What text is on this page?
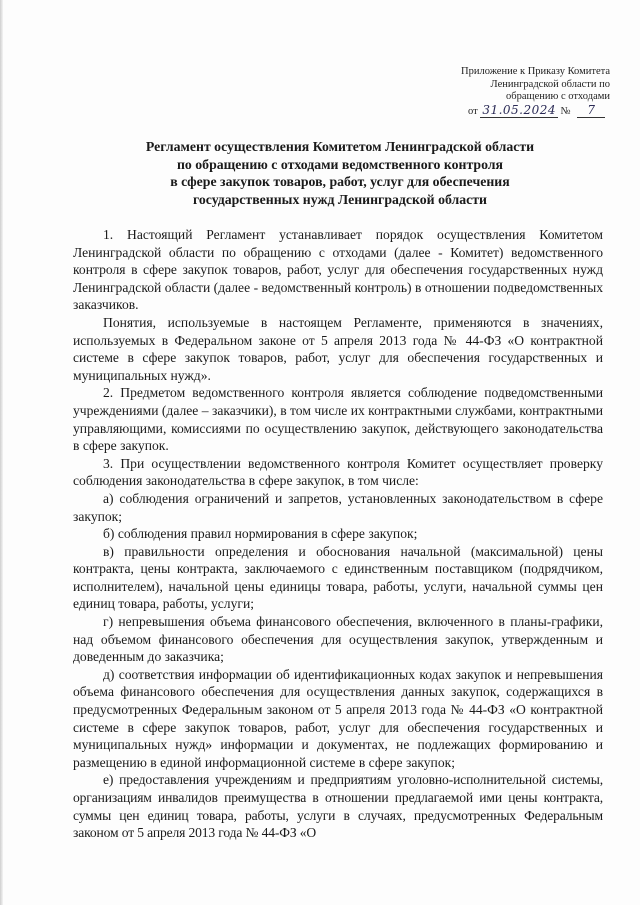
Приложение к Приказу Комитета
Ленинградской области по
обращению с отходами
от 31.05.2024 № 7
Регламент осуществления Комитетом Ленинградской области
по обращению с отходами ведомственного контроля
в сфере закупок товаров, работ, услуг для обеспечения
государственных нужд Ленинградской области

1. Настоящий Регламент устанавливает порядок осуществления Комитетом Ленинградской области по обращению с отходами (далее - Комитет) ведомственного контроля в сфере закупок товаров, работ, услуг для обеспечения государственных нужд Ленинградской области (далее - ведомственный контроль) в отношении подведомственных заказчиков.

Понятия, используемые в настоящем Регламенте, применяются в значениях, используемых в Федеральном законе от 5 апреля 2013 года № 44-ФЗ «О контрактной системе в сфере закупок товаров, работ, услуг для обеспечения государственных и муниципальных нужд».

2. Предметом ведомственного контроля является соблюдение подведомственными учреждениями (далее – заказчики), в том числе их контрактными службами, контрактными управляющими, комиссиями по осуществлению закупок, действующего законодательства в сфере закупок.

3. При осуществлении ведомственного контроля Комитет осуществляет проверку соблюдения законодательства в сфере закупок, в том числе:

а) соблюдения ограничений и запретов, установленных законодательством в сфере закупок;

б) соблюдения правил нормирования в сфере закупок;

в) правильности определения и обоснования начальной (максимальной) цены контракта, цены контракта, заключаемого с единственным поставщиком (подрядчиком, исполнителем), начальной цены единицы товара, работы, услуги, начальной суммы цен единиц товара, работы, услуги;

г) непревышения объема финансового обеспечения, включенного в планы-графики, над объемом финансового обеспечения для осуществления закупок, утвержденным и доведенным до заказчика;

д) соответствия информации об идентификационных кодах закупок и непревышения объема финансового обеспечения для осуществления данных закупок, содержащихся в предусмотренных Федеральным законом от 5 апреля 2013 года № 44-ФЗ «О контрактной системе в сфере закупок товаров, работ, услуг для обеспечения государственных и муниципальных нужд» информации и документах, не подлежащих формированию и размещению в единой информационной системе в сфере закупок;

е) предоставления учреждениям и предприятиям уголовно-исполнительной системы, организациям инвалидов преимущества в отношении предлагаемой ими цены контракта, суммы цен единиц товара, работы, услуги в случаях, предусмотренных Федеральным законом от 5 апреля 2013 года № 44-ФЗ «О
